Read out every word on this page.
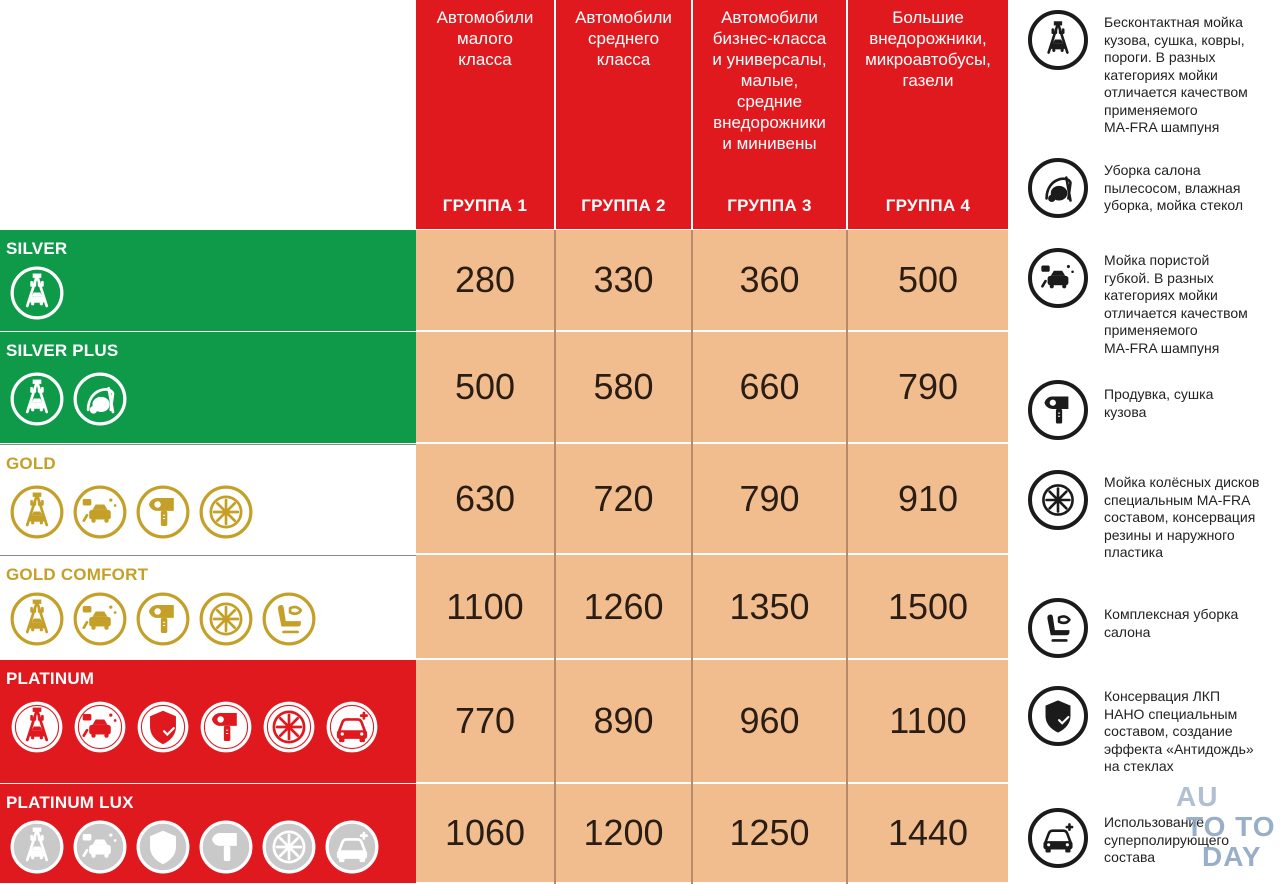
Автомобили
малого
класса
ГРУППА 1
Автомобили
среднего
класса
ГРУППА 2
Автомобили
бизнес-класса
и универсалы,
малые,
средние
внедорожники
и минивены
ГРУППА 3
Большие
внедорожники,
микроавтобусы,
газели
ГРУППА 4
SILVER
280	330	360	500
SILVER PLUS
500	580	660	790
GOLD
630	720	790	910
GOLD COMFORT
1100	1260	1350	1500
PLATINUM
770	890	960	1100
PLATINUM LUX
1060	1200	1250	1440
Бесконтактная мойка
кузова, сушка, ковры,
пороги. В разных
категориях мойки
отличается качеством
применяемого
MA-FRA шампуня
Уборка салона
пылесосом, влажная
уборка, мойка стекол
Мойка пористой
губкой. В разных
категориях мойки
отличается качеством
применяемого
MA-FRA шампуня
Продувка, сушка
кузова
Мойка колёсных дисков
специальным MA-FRA
составом, консервация
резины и наружного
пластика
Комплексная уборка
салона
Консервация ЛКП
НАНО специальным
составом, создание
эффекта «Антидождь»
на стеклах
Использование
суперполирующего
состава
AU
TO TO
DAY
